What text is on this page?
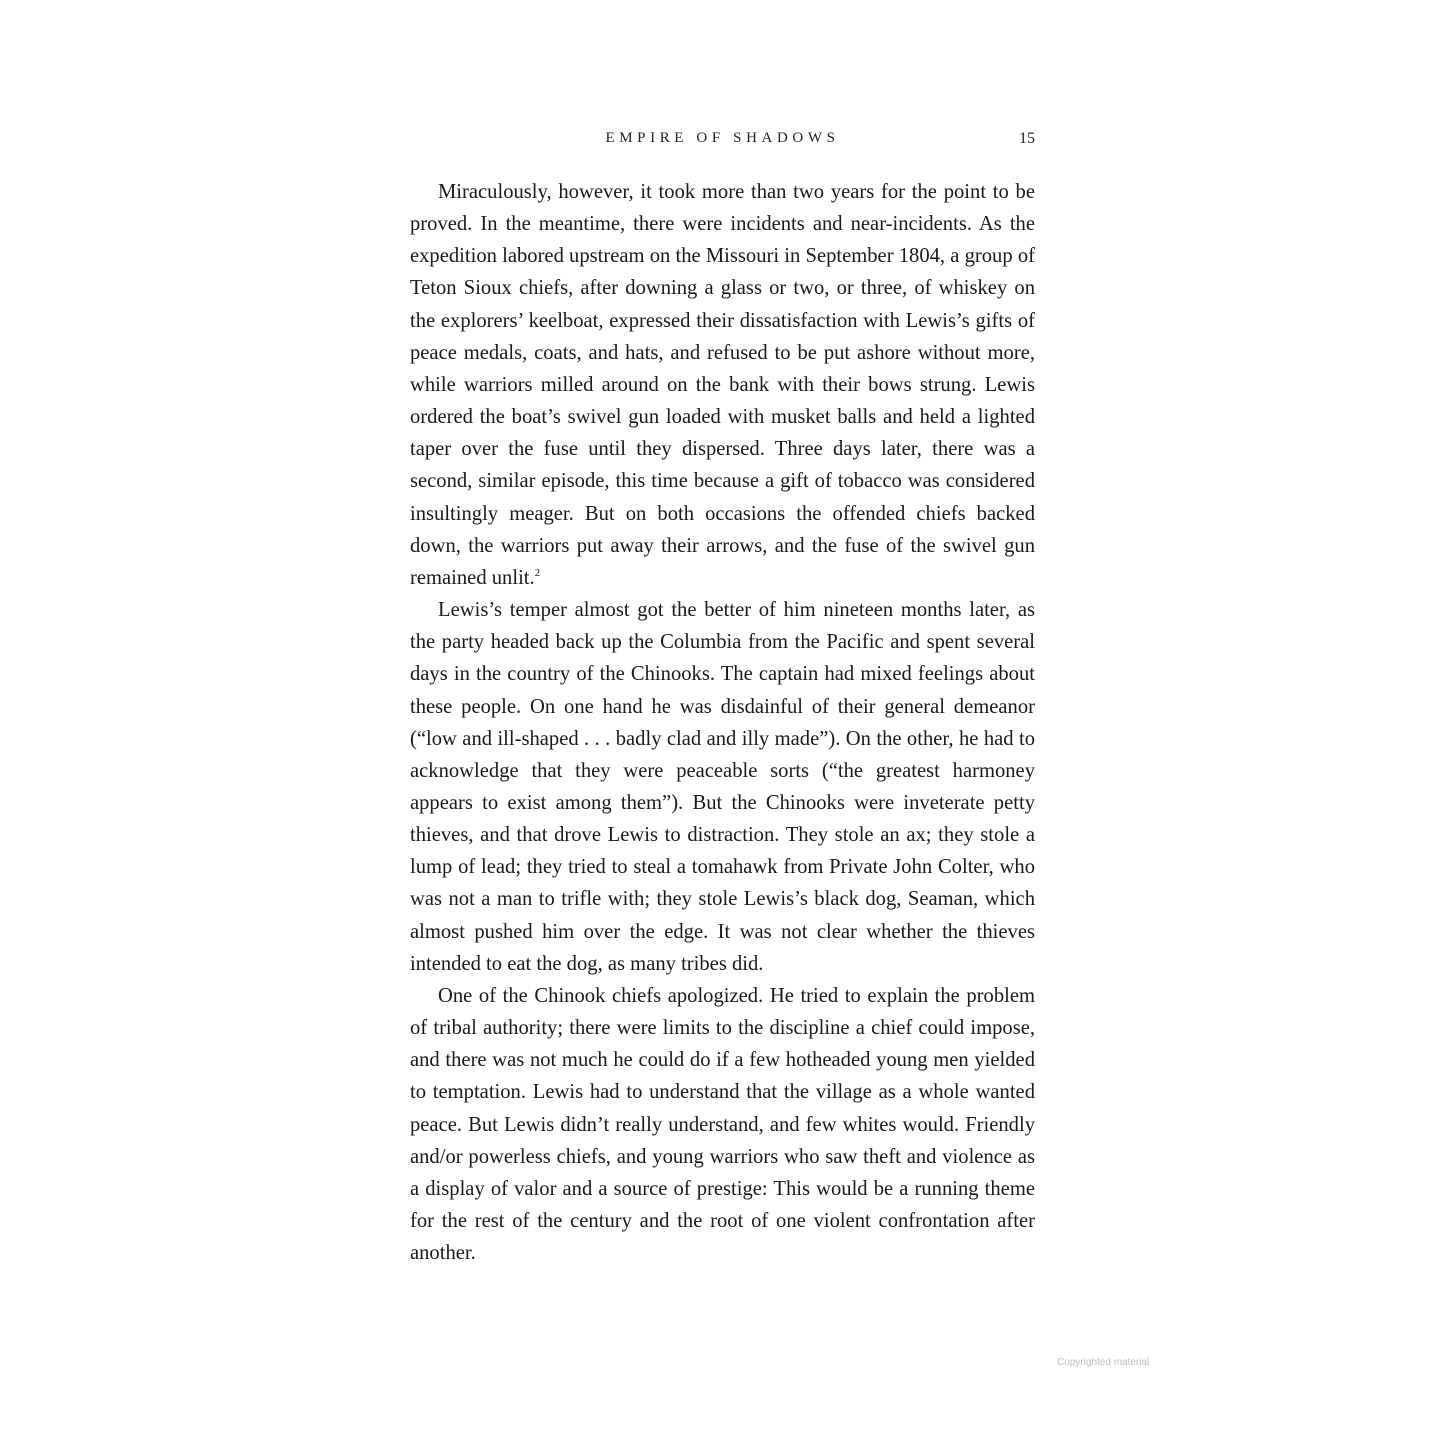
EMPIRE OF SHADOWS	15

Miraculously, however, it took more than two years for the point to be proved. In the meantime, there were incidents and near-incidents. As the expedition labored upstream on the Missouri in September 1804, a group of Teton Sioux chiefs, after downing a glass or two, or three, of whiskey on the explorers’ keelboat, expressed their dissatisfaction with Lewis’s gifts of peace medals, coats, and hats, and refused to be put ashore without more, while warriors milled around on the bank with their bows strung. Lewis ordered the boat’s swivel gun loaded with musket balls and held a lighted taper over the fuse until they dispersed. Three days later, there was a second, similar episode, this time because a gift of tobacco was considered insultingly meager. But on both occasions the offended chiefs backed down, the warriors put away their arrows, and the fuse of the swivel gun remained unlit.$^2$

Lewis’s temper almost got the better of him nineteen months later, as the party headed back up the Columbia from the Pacific and spent several days in the country of the Chinooks. The captain had mixed feelings about these people. On one hand he was disdainful of their general demeanor (“low and ill-shaped . . . badly clad and illy made”). On the other, he had to acknowledge that they were peaceable sorts (“the greatest harmoney appears to exist among them”). But the Chinooks were inveterate petty thieves, and that drove Lewis to distraction. They stole an ax; they stole a lump of lead; they tried to steal a tomahawk from Private John Colter, who was not a man to trifle with; they stole Lewis’s black dog, Seaman, which almost pushed him over the edge. It was not clear whether the thieves intended to eat the dog, as many tribes did.

One of the Chinook chiefs apologized. He tried to explain the problem of tribal authority; there were limits to the discipline a chief could impose, and there was not much he could do if a few hotheaded young men yielded to temptation. Lewis had to understand that the village as a whole wanted peace. But Lewis didn’t really understand, and few whites would. Friendly and/or powerless chiefs, and young warriors who saw theft and violence as a display of valor and a source of prestige: This would be a running theme for the rest of the century and the root of one violent confrontation after another.

Copyrighted material
